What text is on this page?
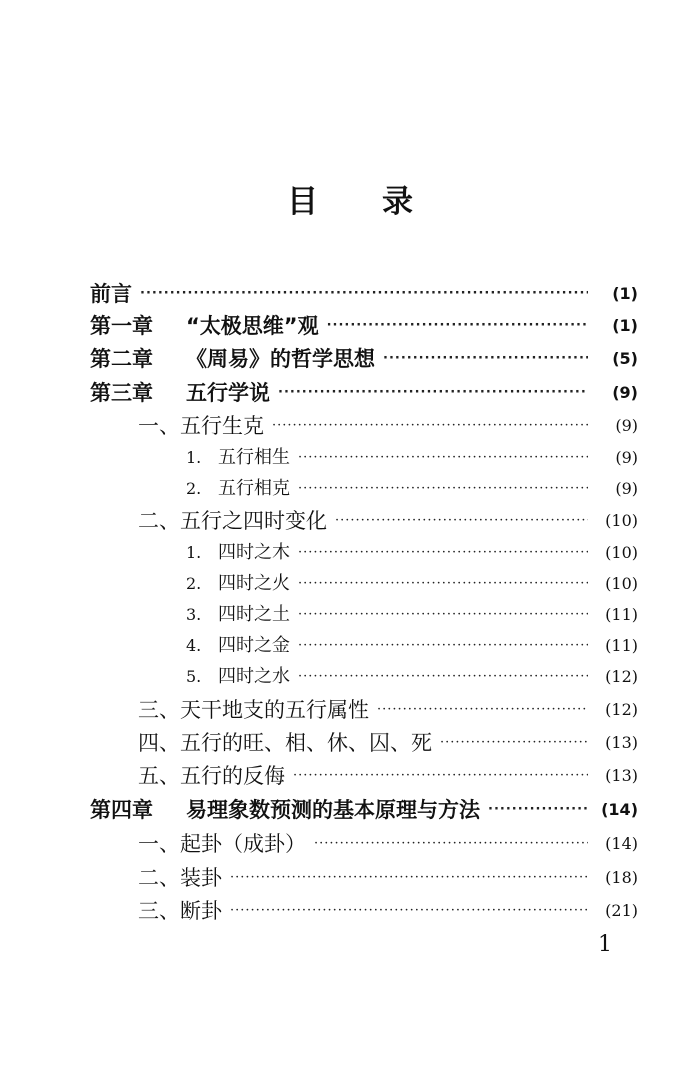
目 录
前言 ·····	(1)
第一章 “太极思维”观 ·····	(1)
第二章 《周易》的哲学思想 ·····	(5)
第三章 五行学说 ·····	(9)
一、五行生克 ·····	(9)
1. 五行相生 ·····	(9)
2. 五行相克 ·····	(9)
二、五行之四时变化 ·····	(10)
1. 四时之木 ·····	(10)
2. 四时之火 ·····	(10)
3. 四时之土 ·····	(11)
4. 四时之金 ·····	(11)
5. 四时之水 ·····	(12)
三、天干地支的五行属性 ·····	(12)
四、五行的旺、相、休、囚、死 ·····	(13)
五、五行的反侮 ·····	(13)
第四章 易理象数预测的基本原理与方法 ·····	(14)
一、起卦（成卦） ·····	(14)
二、装卦 ·····	(18)
三、断卦 ·····	(21)
1
